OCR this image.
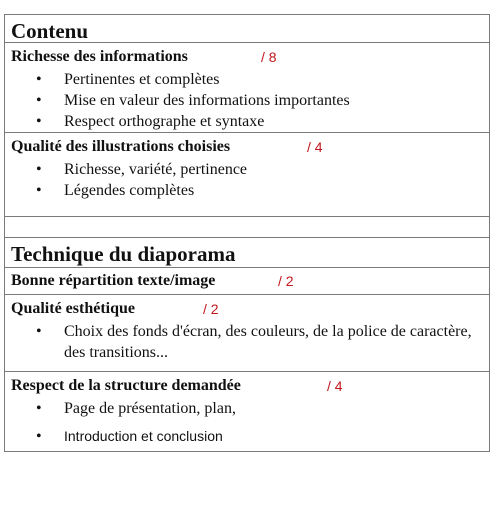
Contenu
Richesse des informations	/ 8
• Pertinentes et complètes
• Mise en valeur des informations importantes
• Respect orthographe et syntaxe
Qualité des illustrations choisies	/ 4
• Richesse, variété, pertinence
• Légendes complètes
Technique du diaporama
Bonne répartition texte/image	/ 2
Qualité esthétique	/ 2
• Choix des fonds d'écran, des couleurs, de la police de caractère, des transitions...
Respect de la structure demandée	/ 4
• Page de présentation, plan,
• Introduction et conclusion
